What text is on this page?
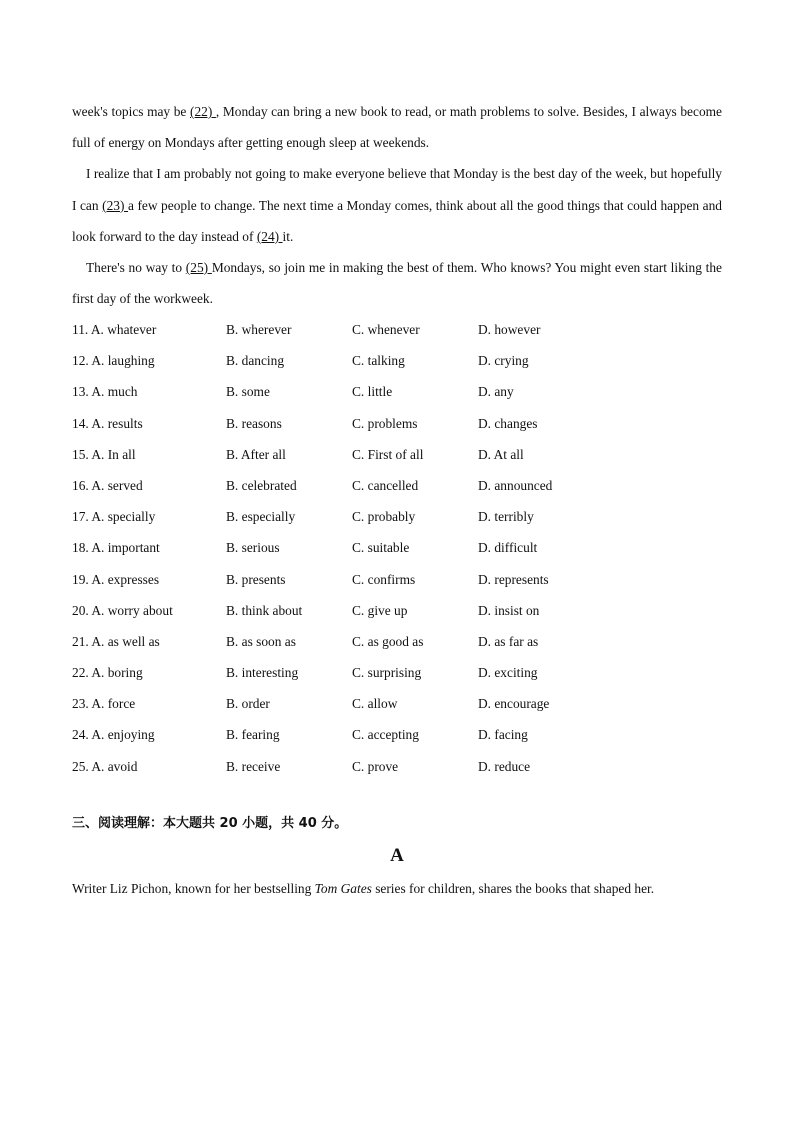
week's topics may be (22) , Monday can bring a new book to read, or math problems to solve. Besides, I always become full of energy on Mondays after getting enough sleep at weekends.

I realize that I am probably not going to make everyone believe that Monday is the best day of the week, but hopefully I can (23) a few people to change. The next time a Monday comes, think about all the good things that could happen and look forward to the day instead of (24) it.

There's no way to (25) Mondays, so join me in making the best of them. Who knows? You might even start liking the first day of the workweek.

11. A. whatever	B. wherever	C. whenever	D. however
12. A. laughing	B. dancing	C. talking	D. crying
13. A. much	B. some	C. little	D. any
14. A. results	B. reasons	C. problems	D. changes
15. A. In all	B. After all	C. First of all	D. At all
16. A. served	B. celebrated	C. cancelled	D. announced
17. A. specially	B. especially	C. probably	D. terribly
18. A. important	B. serious	C. suitable	D. difficult
19. A. expresses	B. presents	C. confirms	D. represents
20. A. worry about	B. think about	C. give up	D. insist on
21. A. as well as	B. as soon as	C. as good as	D. as far as
22. A. boring	B. interesting	C. surprising	D. exciting
23. A. force	B. order	C. allow	D. encourage
24. A. enjoying	B. fearing	C. accepting	D. facing
25. A. avoid	B. receive	C. prove	D. reduce
三、阅读理解：本大题共 20 小题，共 40 分。
A

Writer Liz Pichon, known for her bestselling Tom Gates series for children, shares the books that shaped her.
